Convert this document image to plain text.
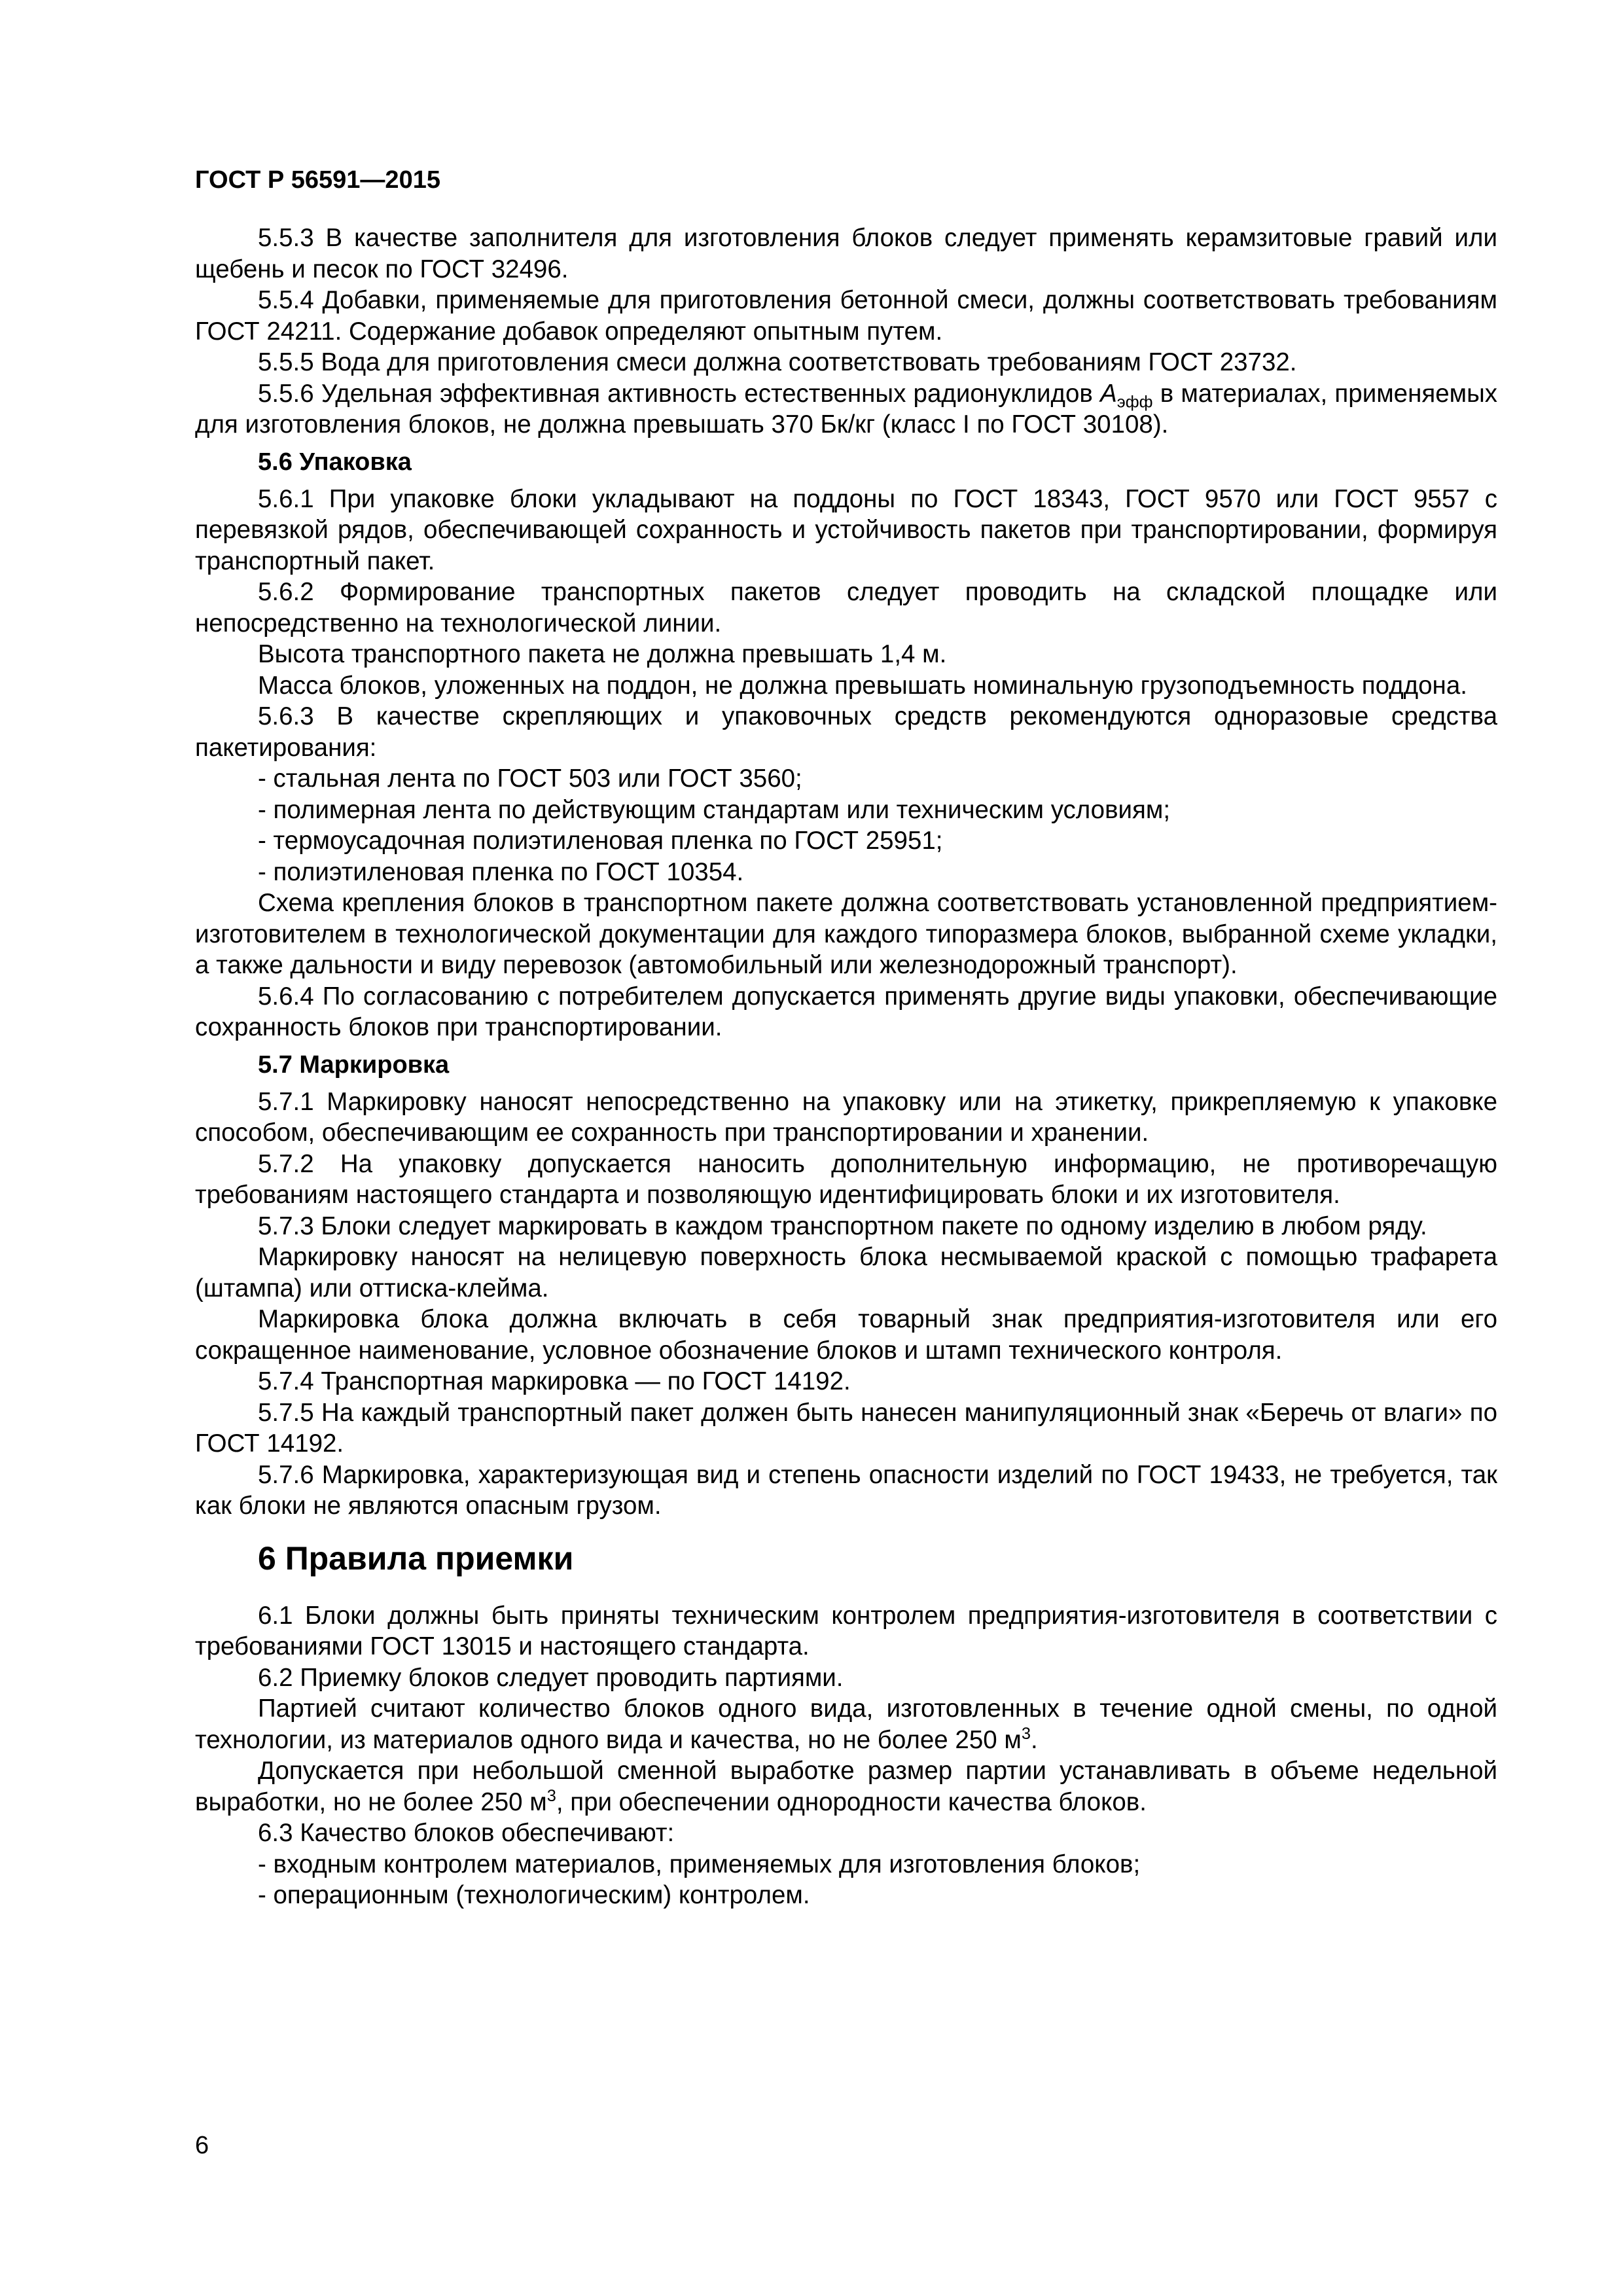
ГОСТ Р 56591—2015

5.5.3 В качестве заполнителя для изготовления блоков следует применять керамзитовые гравий или щебень и песок по ГОСТ 32496.

5.5.4 Добавки, применяемые для приготовления бетонной смеси, должны соответствовать требованиям ГОСТ 24211. Содержание добавок определяют опытным путем.

5.5.5 Вода для приготовления смеси должна соответствовать требованиям ГОСТ 23732.

5.5.6 Удельная эффективная активность естественных радионуклидов $A_{эфф}$ в материалах, применяемых для изготовления блоков, не должна превышать 370 Бк/кг (класс I по ГОСТ 30108).

5.6 Упаковка

5.6.1 При упаковке блоки укладывают на поддоны по ГОСТ 18343, ГОСТ 9570 или ГОСТ 9557 с перевязкой рядов, обеспечивающей сохранность и устойчивость пакетов при транспортировании, формируя транспортный пакет.

5.6.2 Формирование транспортных пакетов следует проводить на складской площадке или непосредственно на технологической линии.

Высота транспортного пакета не должна превышать 1,4 м.

Масса блоков, уложенных на поддон, не должна превышать номинальную грузоподъемность поддона.

5.6.3 В качестве скрепляющих и упаковочных средств рекомендуются одноразовые средства пакетирования:

- стальная лента по ГОСТ 503 или ГОСТ 3560;

- полимерная лента по действующим стандартам или техническим условиям;

- термоусадочная полиэтиленовая пленка по ГОСТ 25951;

- полиэтиленовая пленка по ГОСТ 10354.

Схема крепления блоков в транспортном пакете должна соответствовать установленной предприятием-изготовителем в технологической документации для каждого типоразмера блоков, выбранной схеме укладки, а также дальности и виду перевозок (автомобильный или железнодорожный транспорт).

5.6.4 По согласованию с потребителем допускается применять другие виды упаковки, обеспечивающие сохранность блоков при транспортировании.

5.7 Маркировка

5.7.1 Маркировку наносят непосредственно на упаковку или на этикетку, прикрепляемую к упаковке способом, обеспечивающим ее сохранность при транспортировании и хранении.

5.7.2 На упаковку допускается наносить дополнительную информацию, не противоречащую требованиям настоящего стандарта и позволяющую идентифицировать блоки и их изготовителя.

5.7.3 Блоки следует маркировать в каждом транспортном пакете по одному изделию в любом ряду.

Маркировку наносят на нелицевую поверхность блока несмываемой краской с помощью трафарета (штампа) или оттиска-клейма.

Маркировка блока должна включать в себя товарный знак предприятия-изготовителя или его сокращенное наименование, условное обозначение блоков и штамп технического контроля.

5.7.4 Транспортная маркировка — по ГОСТ 14192.

5.7.5 На каждый транспортный пакет должен быть нанесен манипуляционный знак «Беречь от влаги» по ГОСТ 14192.

5.7.6 Маркировка, характеризующая вид и степень опасности изделий по ГОСТ 19433, не требуется, так как блоки не являются опасным грузом.

6 Правила приемки

6.1 Блоки должны быть приняты техническим контролем предприятия-изготовителя в соответствии с требованиями ГОСТ 13015 и настоящего стандарта.

6.2 Приемку блоков следует проводить партиями.

Партией считают количество блоков одного вида, изготовленных в течение одной смены, по одной технологии, из материалов одного вида и качества, но не более 250 $м^3$.

Допускается при небольшой сменной выработке размер партии устанавливать в объеме недельной выработки, но не более 250 $м^3$, при обеспечении однородности качества блоков.

6.3 Качество блоков обеспечивают:

- входным контролем материалов, применяемых для изготовления блоков;

- операционным (технологическим) контролем.

6
